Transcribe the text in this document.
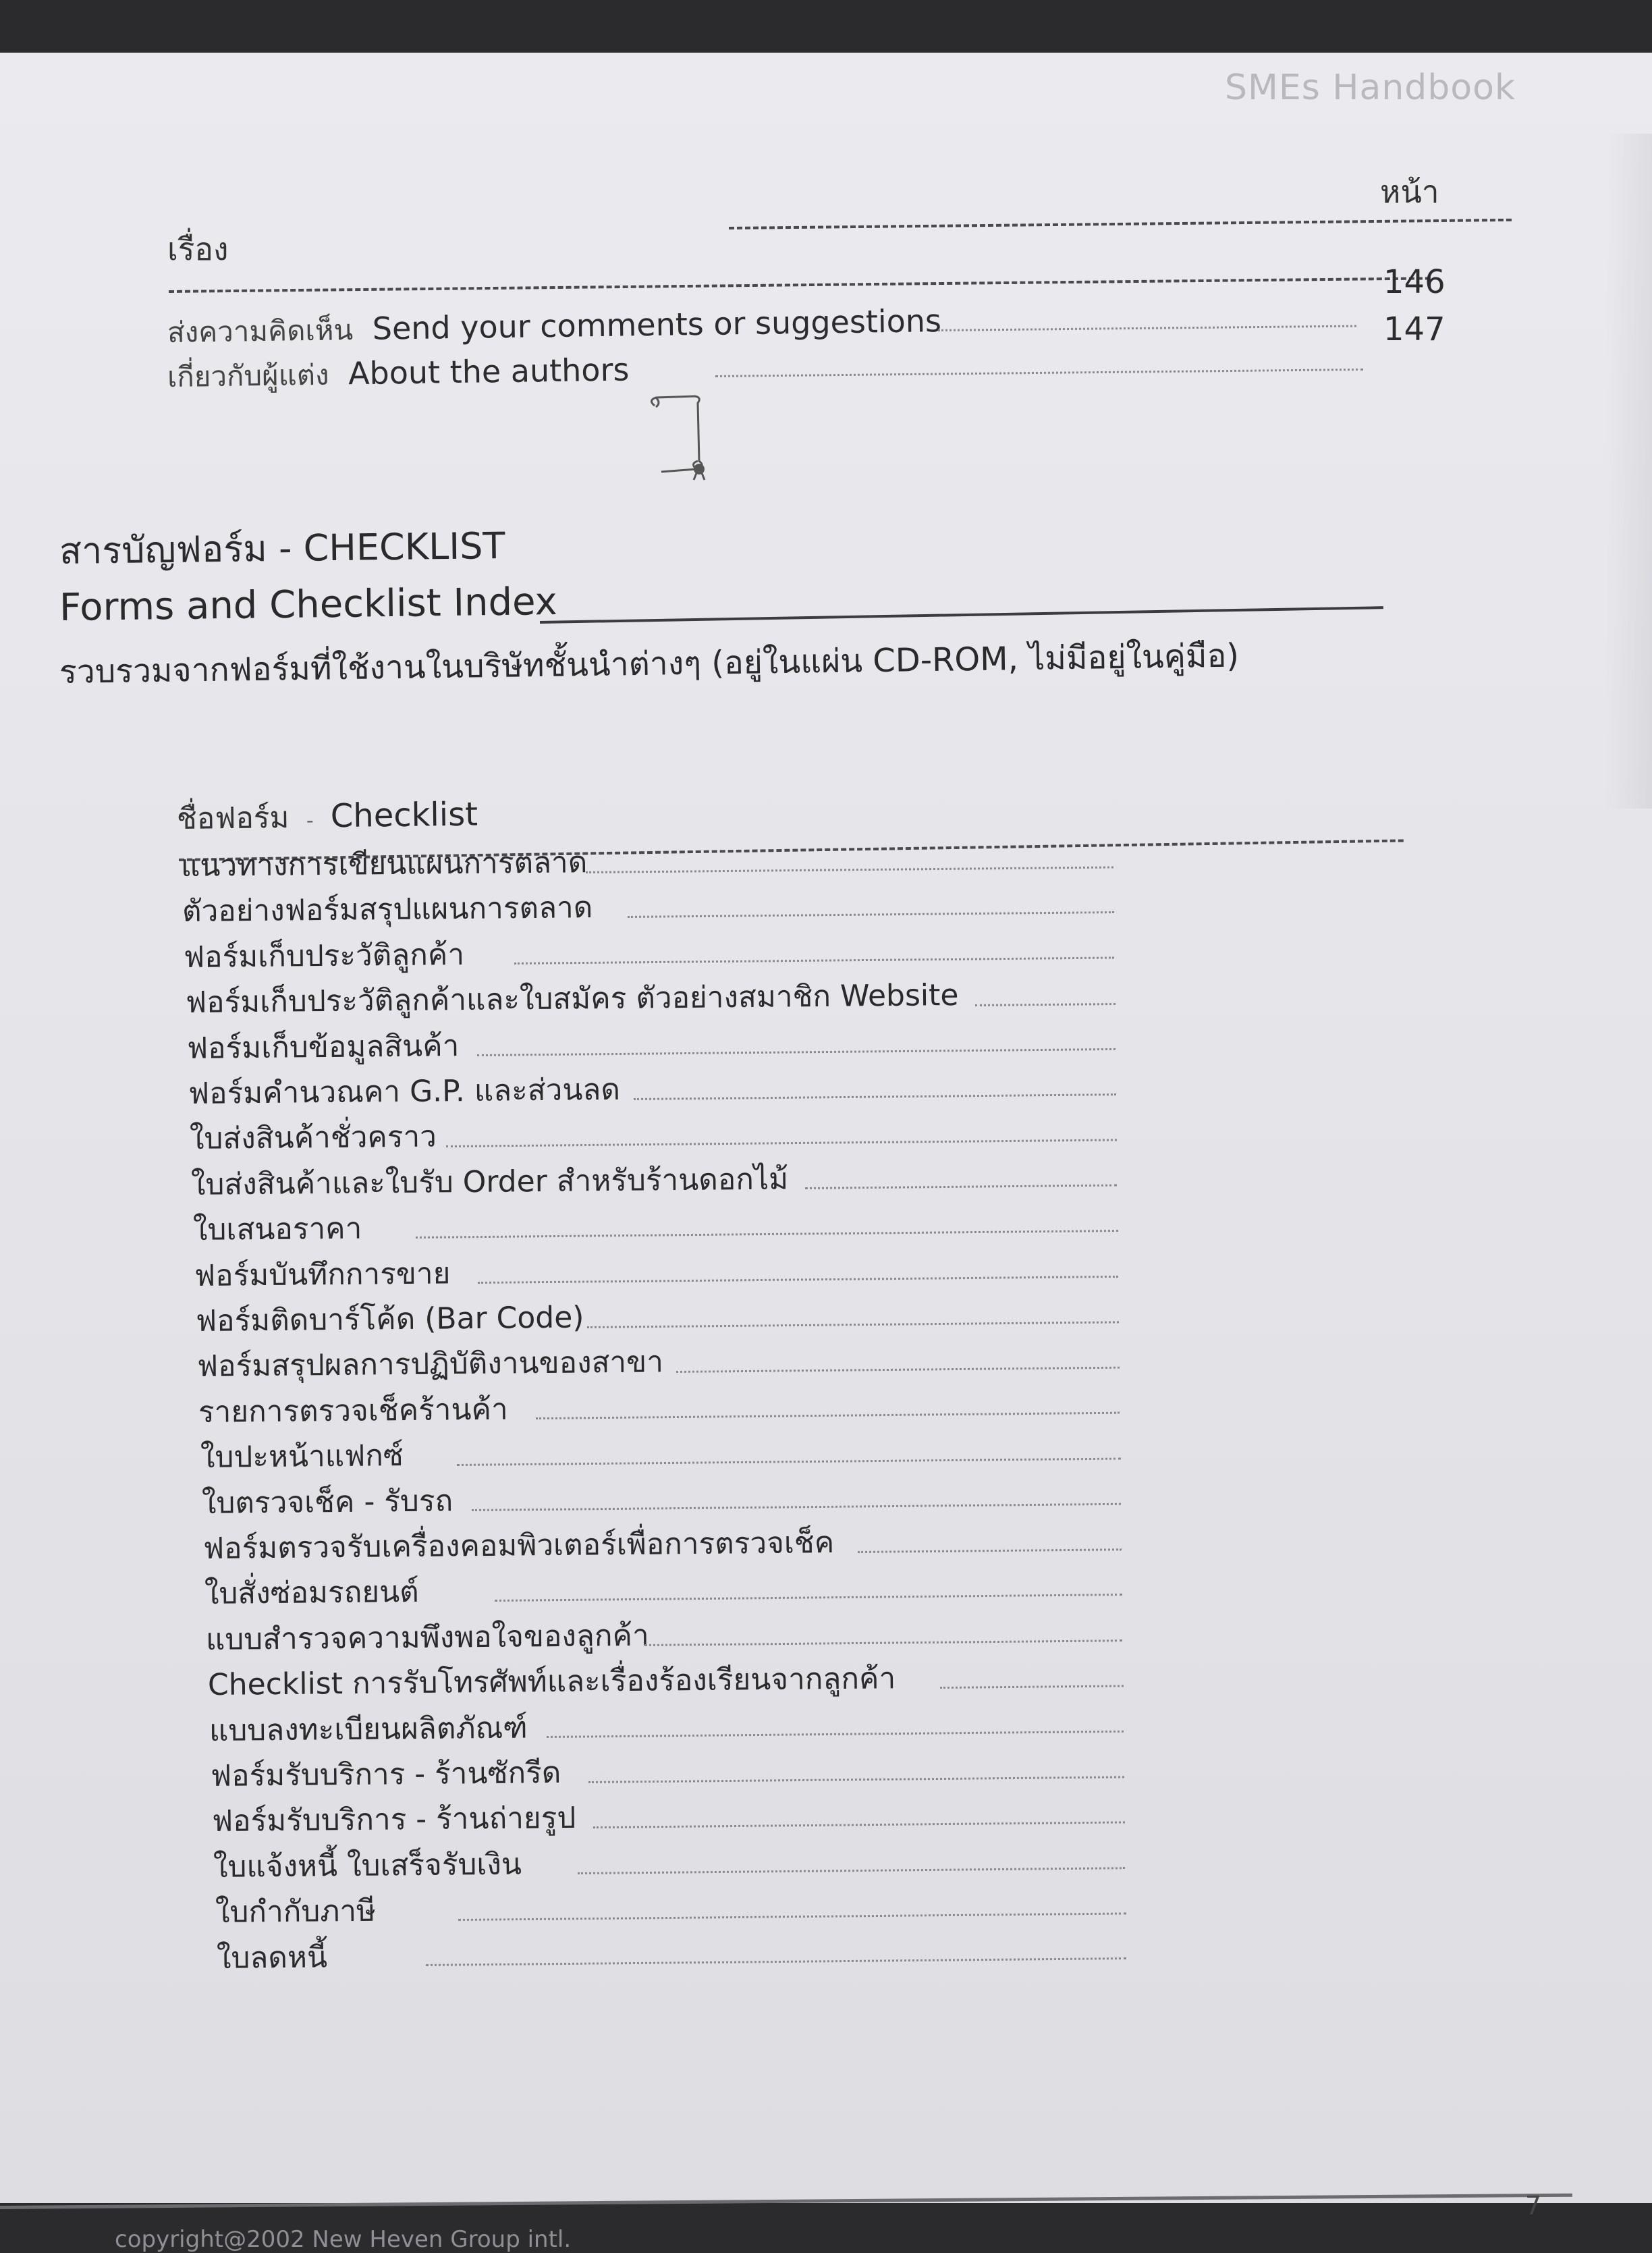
SMEs Handbook
หน้า
เรื่อง
ส่งความคิดเห็น Send your comments or suggestions
146
เกี่ยวกับผู้แต่ง About the authors
147
สารบัญฟอร์ม - CHECKLIST
Forms and Checklist Index
รวบรวมจากฟอร์มที่ใช้งานในบริษัทชั้นนำต่างๆ (อยู่ในแผ่น CD-ROM, ไม่มีอยู่ในคู่มือ)
ชื่อฟอร์ม - Checklist
7
copyright@2002 New Heven Group intl.
แนวทางการเขียนแผนการตลาด
ตัวอย่างฟอร์มสรุปแผนการตลาด
ฟอร์มเก็บประวัติลูกค้า
ฟอร์มเก็บประวัติลูกค้าและใบสมัคร ตัวอย่างสมาชิก Website
ฟอร์มเก็บข้อมูลสินค้า
ฟอร์มคำนวณคา G.P. และส่วนลด
ใบส่งสินค้าชั่วคราว
ใบส่งสินค้าและใบรับ Order สำหรับร้านดอกไม้
ใบเสนอราคา
ฟอร์มบันทึกการขาย
ฟอร์มติดบาร์โค้ด (Bar Code)
ฟอร์มสรุปผลการปฏิบัติงานของสาขา
รายการตรวจเช็คร้านค้า
ใบปะหน้าแฟกซ์
ใบตรวจเช็ค - รับรถ
ฟอร์มตรวจรับเครื่องคอมพิวเตอร์เพื่อการตรวจเช็ค
ใบสั่งซ่อมรถยนต์
แบบสำรวจความพึงพอใจของลูกค้า
Checklist การรับโทรศัพท์และเรื่องร้องเรียนจากลูกค้า
แบบลงทะเบียนผลิตภัณฑ์
ฟอร์มรับบริการ - ร้านซักรีด
ฟอร์มรับบริการ - ร้านถ่ายรูป
ใบแจ้งหนี้ ใบเสร็จรับเงิน
ใบกำกับภาษี
ใบลดหนี้
